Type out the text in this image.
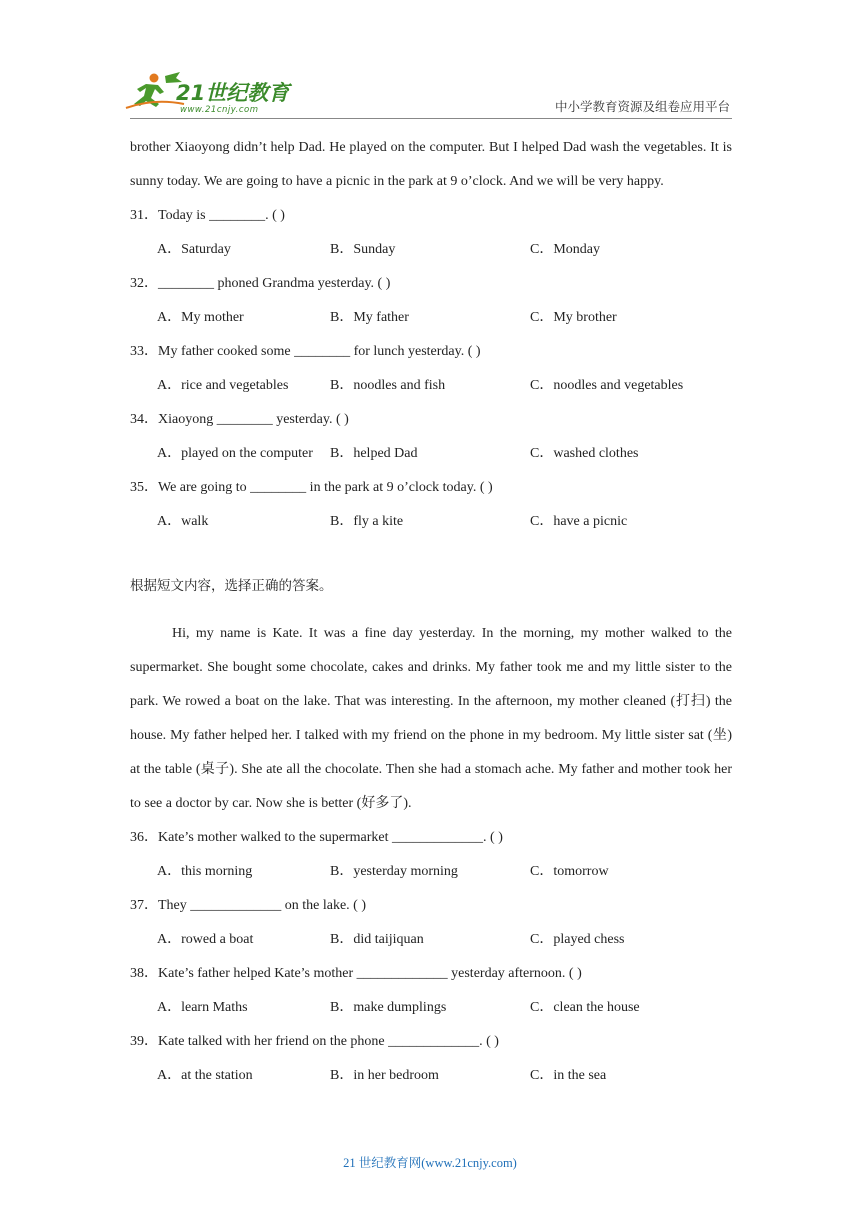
21世纪教育
www.21cnjy.com	中小学教育资源及组卷应用平台

brother Xiaoyong didn’t help Dad. He played on the computer. But I helped Dad wash the vegetables. It is sunny today. We are going to have a picnic in the park at 9 o’clock. And we will be very happy.

31．Today is ________. ( )

A．Saturday	B．Sunday	C．Monday

32．________ phoned Grandma yesterday. ( )

A．My mother	B．My father	C．My brother

33．My father cooked some ________ for lunch yesterday. ( )

A．rice and vegetables	B．noodles and fish	C．noodles and vegetables

34．Xiaoyong ________ yesterday. ( )

A．played on the computer B．helped Dad	C．washed clothes

35．We are going to ________ in the park at 9 o’clock today. ( )

A．walk	B．fly a kite	C．have a picnic

根据短文内容，选择正确的答案。

Hi, my name is Kate. It was a fine day yesterday. In the morning, my mother walked to the supermarket. She bought some chocolate, cakes and drinks. My father took me and my little sister to the park. We rowed a boat on the lake. That was interesting. In the afternoon, my mother cleaned (打扫) the house. My father helped her. I talked with my friend on the phone in my bedroom. My little sister sat (坐) at the table (桌子). She ate all the chocolate. Then she had a stomach ache. My father and mother took her to see a doctor by car. Now she is better (好多了).

36．Kate’s mother walked to the supermarket _____________. ( )

A．this morning	B．yesterday morning	C．tomorrow

37．They _____________ on the lake. ( )

A．rowed a boat	B．did taijiquan	C．played chess

38．Kate’s father helped Kate’s mother _____________ yesterday afternoon. ( )

A．learn Maths	B．make dumplings	C．clean the house

39．Kate talked with her friend on the phone _____________. ( )

A．at the station	B．in her bedroom	C．in the sea
21 世纪教育网(www.21cnjy.com)
